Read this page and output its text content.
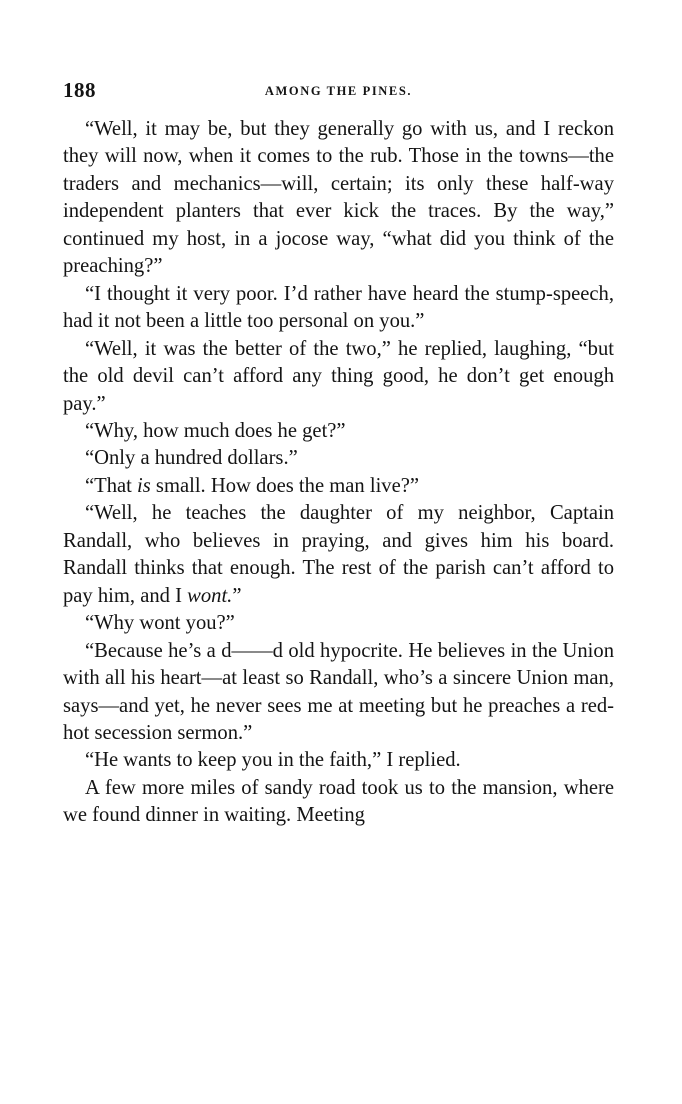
188	AMONG THE PINES.

“Well, it may be, but they generally go with us, and I reckon they will now, when it comes to the rub. Those in the towns—the traders and mechanics—will, certain; its only these half-way independent planters that ever kick the traces. By the way,” continued my host, in a jocose way, “what did you think of the preaching?”

“I thought it very poor. I’d rather have heard the stump-speech, had it not been a little too personal on you.”

“Well, it was the better of the two,” he replied, laughing, “but the old devil can’t afford any thing good, he don’t get enough pay.”

“Why, how much does he get?”

“Only a hundred dollars.”

“That is small. How does the man live?”

“Well, he teaches the daughter of my neighbor, Captain Randall, who believes in praying, and gives him his board. Randall thinks that enough. The rest of the parish can’t afford to pay him, and I wont.”

“Why wont you?”

“Because he’s a d——d old hypocrite. He believes in the Union with all his heart—at least so Randall, who’s a sincere Union man, says—and yet, he never sees me at meeting but he preaches a red-hot secession sermon.”

“He wants to keep you in the faith,” I replied.

A few more miles of sandy road took us to the mansion, where we found dinner in waiting. Meeting
